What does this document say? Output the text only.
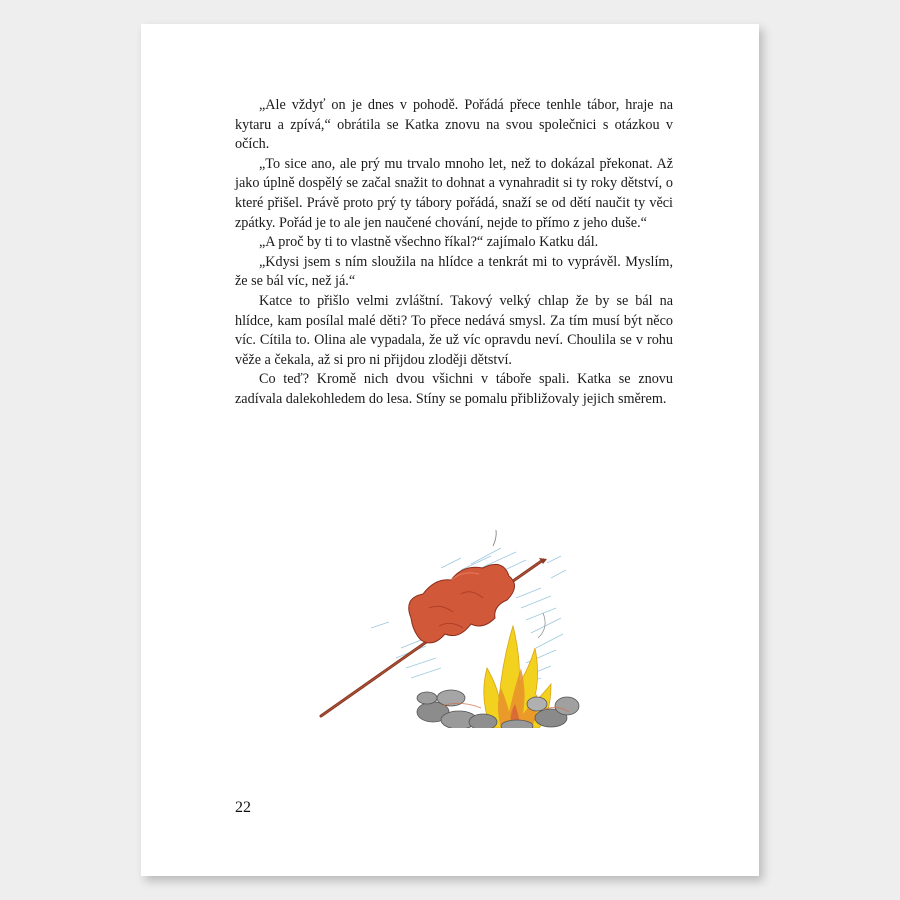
„Ale vždyť on je dnes v pohodě. Pořádá přece tenhle tábor, hraje na kytaru a zpívá,“ obrátila se Katka znovu na svou společnici s otázkou v očích.

„To sice ano, ale prý mu trvalo mnoho let, než to dokázal překonat. Až jako úplně dospělý se začal snažit to dohnat a vynahradit si ty roky dětství, o které přišel. Právě proto prý ty tábory pořádá, snaží se od dětí naučit ty věci zpátky. Pořád je to ale jen naučené chování, nejde to přímo z jeho duše.“

„A proč by ti to vlastně všechno říkal?“ zajímalo Katku dál.

„Kdysi jsem s ním sloužila na hlídce a tenkrát mi to vyprávěl. Myslím, že se bál víc, než já.“

Katce to přišlo velmi zvláštní. Takový velký chlap že by se bál na hlídce, kam posílal malé děti? To přece nedává smysl. Za tím musí být něco víc. Cítila to. Olina ale vypadala, že už víc opravdu neví. Choulila se v rohu věže a čekala, až si pro ni přijdou zloději dětství.

Co teď? Kromě nich dvou všichni v táboře spali. Katka se znovu zadívala dalekohledem do lesa. Stíny se pomalu přibližovaly jejich směrem.

22
